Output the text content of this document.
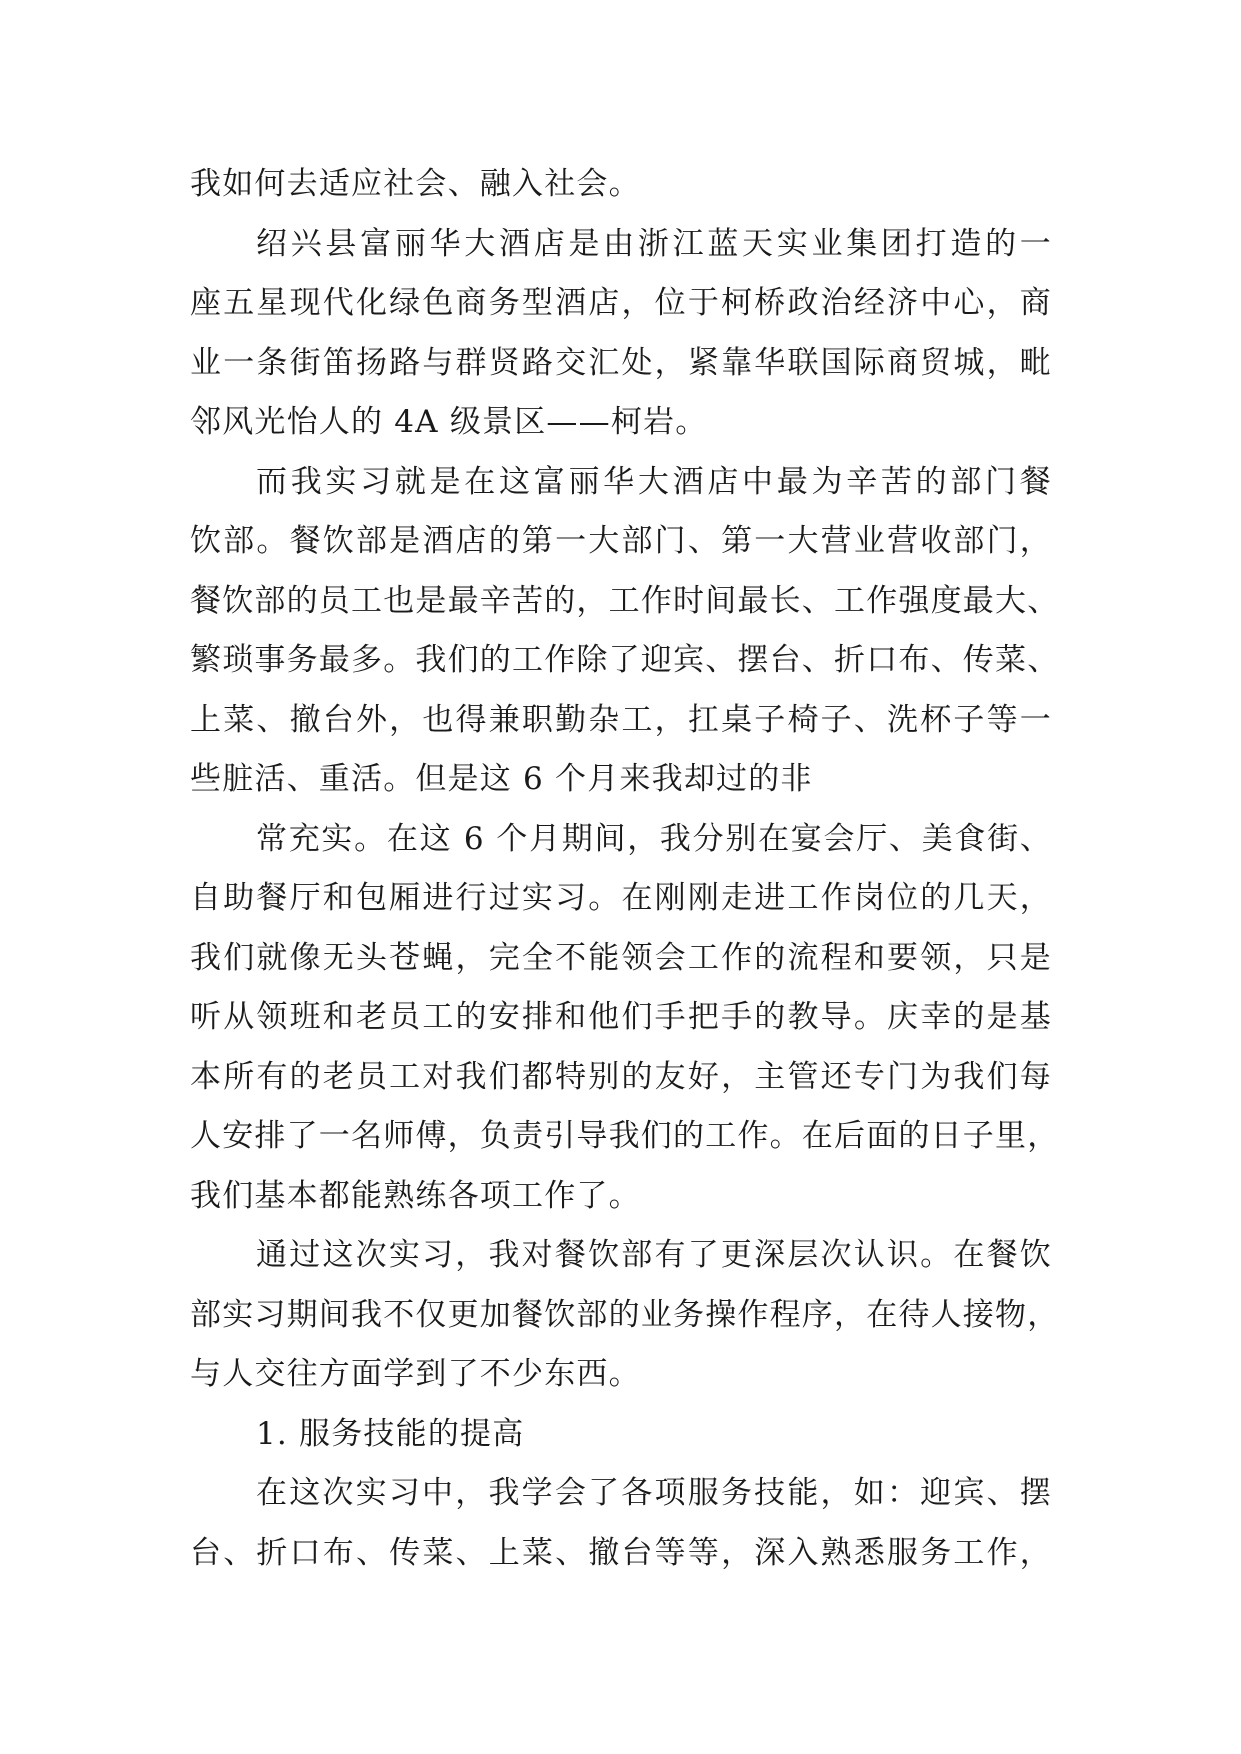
我如何去适应社会、融入社会。
绍兴县富丽华大酒店是由浙江蓝天实业集团打造的一
座五星现代化绿色商务型酒店，位于柯桥政治经济中心，商
业一条街笛扬路与群贤路交汇处，紧靠华联国际商贸城，毗
邻风光怡人的 4A 级景区——柯岩。
而我实习就是在这富丽华大酒店中最为辛苦的部门餐
饮部。餐饮部是酒店的第一大部门、第一大营业营收部门，
餐饮部的员工也是最辛苦的，工作时间最长、工作强度最大、
繁琐事务最多。我们的工作除了迎宾、摆台、折口布、传菜、
上菜、撤台外，也得兼职勤杂工，扛桌子椅子、洗杯子等一
些脏活、重活。但是这 6 个月来我却过的非
常充实。在这 6 个月期间，我分别在宴会厅、美食街、
自助餐厅和包厢进行过实习。在刚刚走进工作岗位的几天，
我们就像无头苍蝇，完全不能领会工作的流程和要领，只是
听从领班和老员工的安排和他们手把手的教导。庆幸的是基
本所有的老员工对我们都特别的友好，主管还专门为我们每
人安排了一名师傅，负责引导我们的工作。在后面的日子里，
我们基本都能熟练各项工作了。
通过这次实习，我对餐饮部有了更深层次认识。在餐饮
部实习期间我不仅更加餐饮部的业务操作程序，在待人接物，
与人交往方面学到了不少东西。
1. 服务技能的提高
在这次实习中，我学会了各项服务技能，如：迎宾、摆
台、折口布、传菜、上菜、撤台等等，深入熟悉服务工作，
